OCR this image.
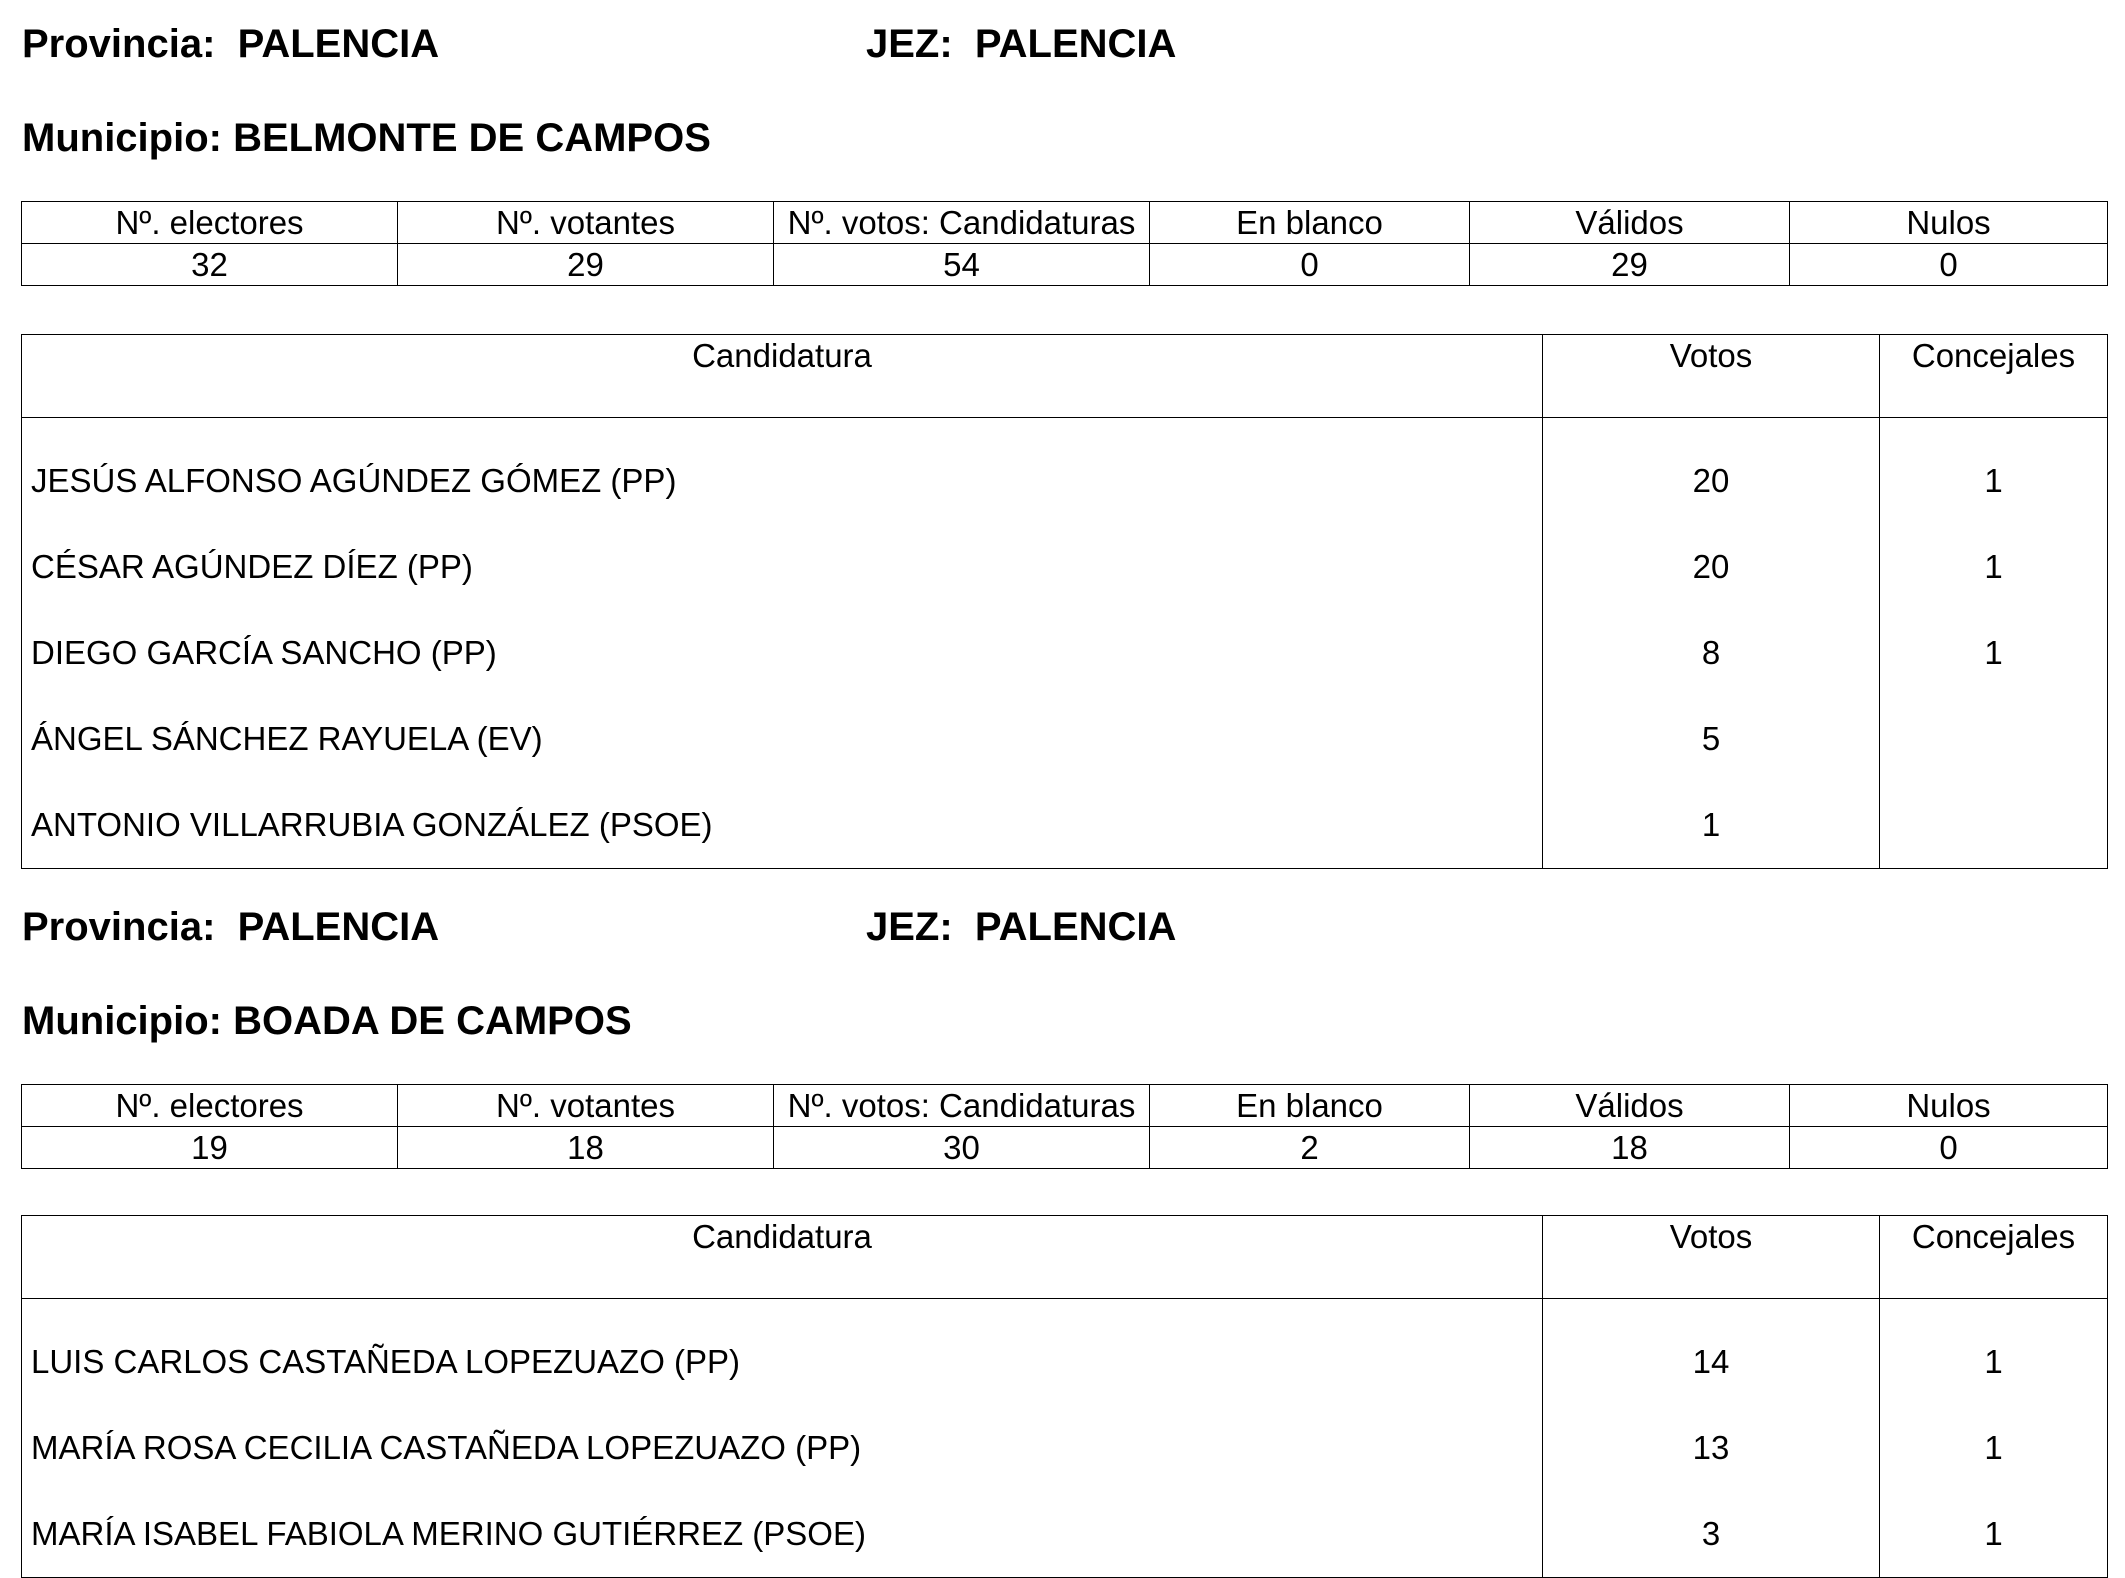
Provincia: PALENCIA	JEZ: PALENCIA
Municipio: BELMONTE DE CAMPOS
Nº. electores	Nº. votantes	Nº. votos: Candidaturas	En blanco	Válidos	Nulos
32	29	54	0	29	0
Candidatura	Votos	Concejales
JESÚS ALFONSO AGÚNDEZ GÓMEZ (PP)	20	1
CÉSAR AGÚNDEZ DÍEZ (PP)	20	1
DIEGO GARCÍA SANCHO (PP)	8	1
ÁNGEL SÁNCHEZ RAYUELA (EV)	5	
ANTONIO VILLARRUBIA GONZÁLEZ (PSOE)	1	
Provincia: PALENCIA	JEZ: PALENCIA
Municipio: BOADA DE CAMPOS
Nº. electores	Nº. votantes	Nº. votos: Candidaturas	En blanco	Válidos	Nulos
19	18	30	2	18	0
Candidatura	Votos	Concejales
LUIS CARLOS CASTAÑEDA LOPEZUAZO (PP)	14	1
MARÍA ROSA CECILIA CASTAÑEDA LOPEZUAZO (PP)	13	1
MARÍA ISABEL FABIOLA MERINO GUTIÉRREZ (PSOE)	3	1
